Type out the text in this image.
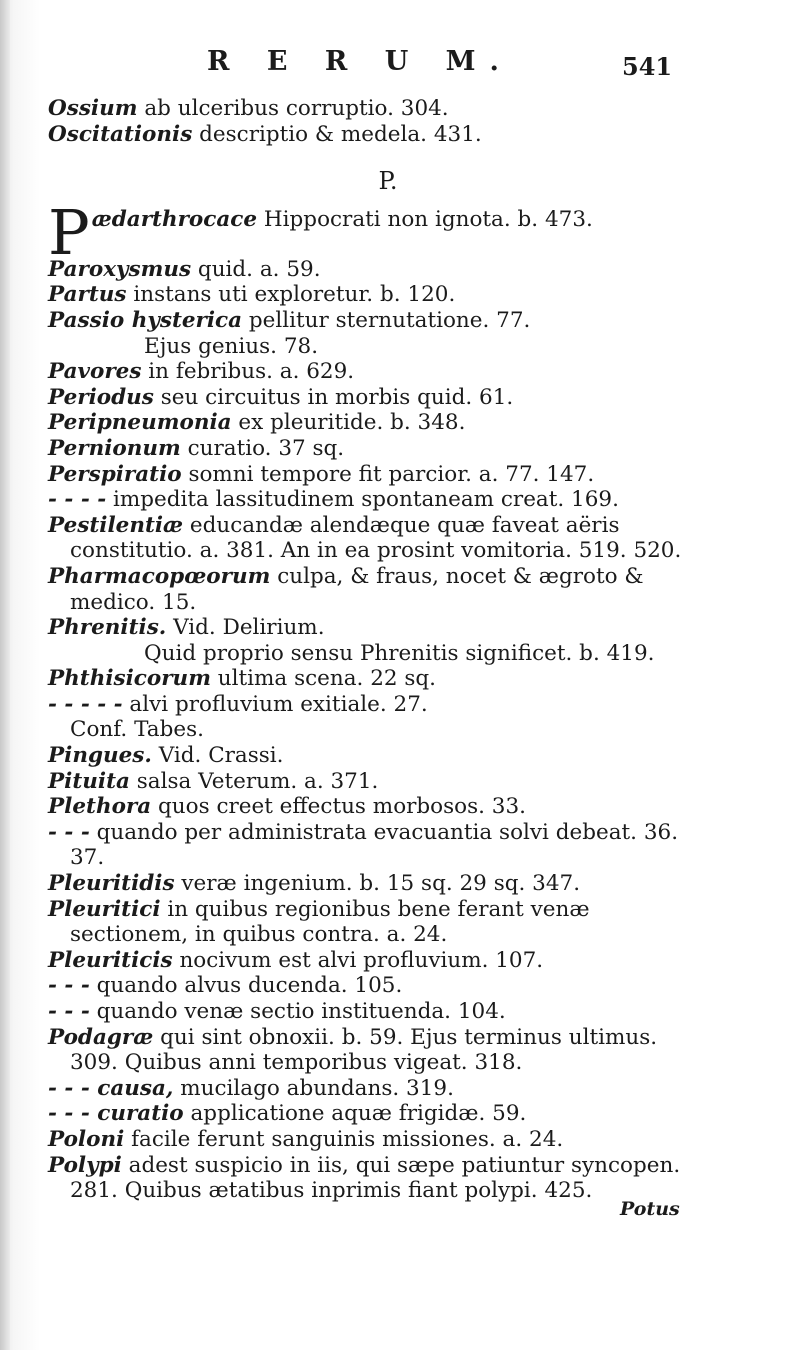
R E R U M.	541

Ossium ab ulceribus corruptio. 304.

Oscitationis descriptio & medela. 431.

P.

Pædarthrocace Hippocrati non ignota. b. 473.

Paroxysmus quid. a. 59.

Partus instans uti exploretur. b. 120.

Passio hysterica pellitur sternutatione. 77.

Ejus genius. 78.

Pavores in febribus. a. 629.

Periodus seu circuitus in morbis quid. 61.

Peripneumonia ex pleuritide. b. 348.

Pernionum curatio. 37 sq.

Perspiratio somni tempore fit parcior. a. 77. 147.

- - - - impedita lassitudinem spontaneam creat. 169.

Pestilentiæ educandæ alendæque quæ faveat aëris constitutio. a. 381. An in ea prosint vomitoria. 519. 520.

Pharmacopœorum culpa, & fraus, nocet & ægroto & medico. 15.

Phrenitis. Vid. Delirium.

Quid proprio sensu Phrenitis significet. b. 419.

Phthisicorum ultima scena. 22 sq.

- - - - - alvi profluvium exitiale. 27.

Conf. Tabes.

Pingues. Vid. Crassi.

Pituita salsa Veterum. a. 371.

Plethora quos creet effectus morbosos. 33.

- - - quando per administrata evacuantia solvi debeat. 36. 37.

Pleuritidis veræ ingenium. b. 15 sq. 29 sq. 347.

Pleuritici in quibus regionibus bene ferant venæ sectionem, in quibus contra. a. 24.

Pleuriticis nocivum est alvi profluvium. 107.

- - - quando alvus ducenda. 105.

- - - quando venæ sectio instituenda. 104.

Podagræ qui sint obnoxii. b. 59. Ejus terminus ultimus. 309. Quibus anni temporibus vigeat. 318.

- - - causa, mucilago abundans. 319.

- - - curatio applicatione aquæ frigidæ. 59.

Poloni facile ferunt sanguinis missiones. a. 24.

Polypi adest suspicio in iis, qui sæpe patiuntur syncopen. 281. Quibus ætatibus inprimis fiant polypi. 425.

Potus
